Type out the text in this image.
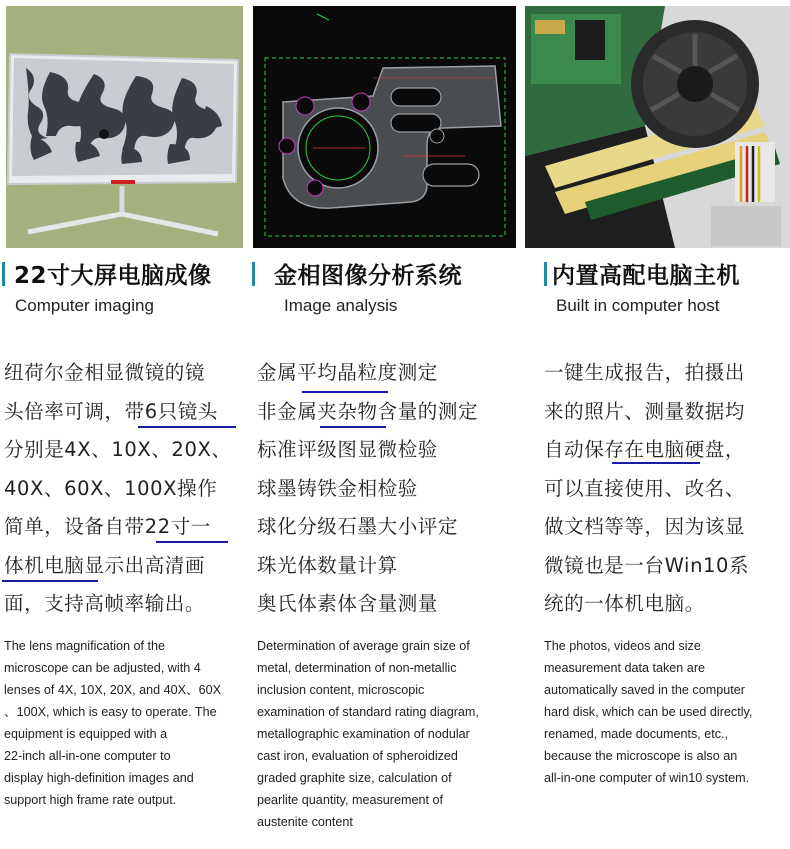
22寸大屏电脑成像
Computer imaging
纽荷尔金相显微镜的镜
头倍率可调，带6只镜头
分别是4X、10X、20X、
40X、60X、100X操作
简单，设备自带22寸一
体机电脑显示出高清画
面，支持高帧率输出。
The lens magnification of the
microscope can be adjusted, with 4
lenses of 4X, 10X, 20X, and 40X、60X
、100X, which is easy to operate. The
equipment is equipped with a
22-inch all-in-one computer to
display high-definition images and
support high frame rate output.
金相图像分析系统
Image analysis
金属平均晶粒度测定
非金属夹杂物含量的测定
标准评级图显微检验
球墨铸铁金相检验
球化分级石墨大小评定
珠光体数量计算
奥氏体素体含量测量
Determination of average grain size of
metal, determination of non-metallic
inclusion content, microscopic
examination of standard rating diagram,
metallographic examination of nodular
cast iron, evaluation of spheroidized
graded graphite size, calculation of
pearlite quantity, measurement of
austenite content
内置高配电脑主机
Built in computer host
一键生成报告，拍摄出
来的照片、测量数据均
自动保存在电脑硬盘，
可以直接使用、改名、
做文档等等，因为该显
微镜也是一台Win10系
统的一体机电脑。
The photos, videos and size
measurement data taken are
automatically saved in the computer
hard disk, which can be used directly,
renamed, made documents, etc.,
because the microscope is also an
all-in-one computer of win10 system.
